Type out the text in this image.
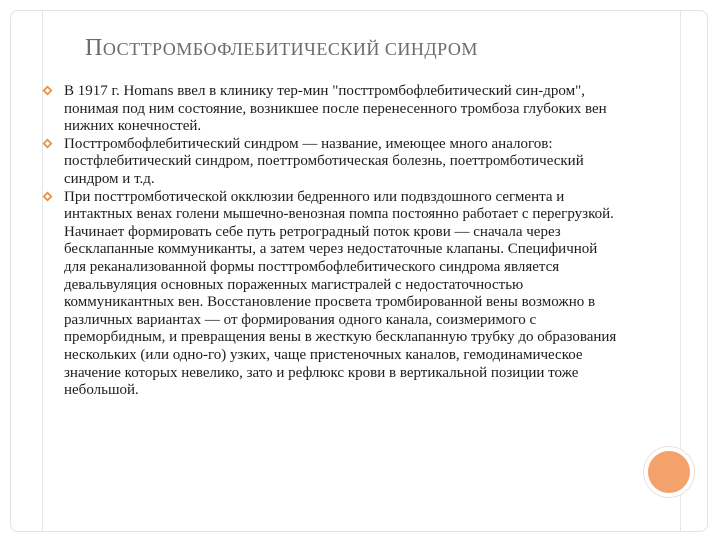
ПОСТТРОМБОФЛЕБИТИЧЕСКИЙ СИНДРОМ
В 1917 г. Homans ввел в клинику тер-мин "посттромбофлебитический син-дром", понимая под ним состояние, возникшее после перенесенного тромбоза глубоких вен нижних конечностей.
Посттромбофлебитический синдром — название, имеющее много аналогов: постфлебитический синдром, поеттромботическая болезнь, поеттромботический синдром и т.д.
При посттромботической окклюзии бедренного или подвздошного сегмента и интактных венах голени мышечно-венозная помпа постоянно работает с перегрузкой. Начинает формировать себе путь ретроградный поток крови — сначала через бесклапанные коммуниканты, а затем через недостаточные клапаны. Специфичной для реканализованной формы посттромбофлебитического синдрома является девальвуляция основных пораженных магистралей с недостаточностью коммуникантных вен. Восстановление просвета тромбированной вены возможно в различных вариантах — от формирования одного канала, соизмеримого с преморбидным, и превращения вены в жесткую бесклапанную трубку до образования нескольких (или одно-го) узких, чаще пристеночных каналов, гемодинамическое значение которых невелико, зато и рефлюкс крови в вертикальной позиции тоже небольшой.
